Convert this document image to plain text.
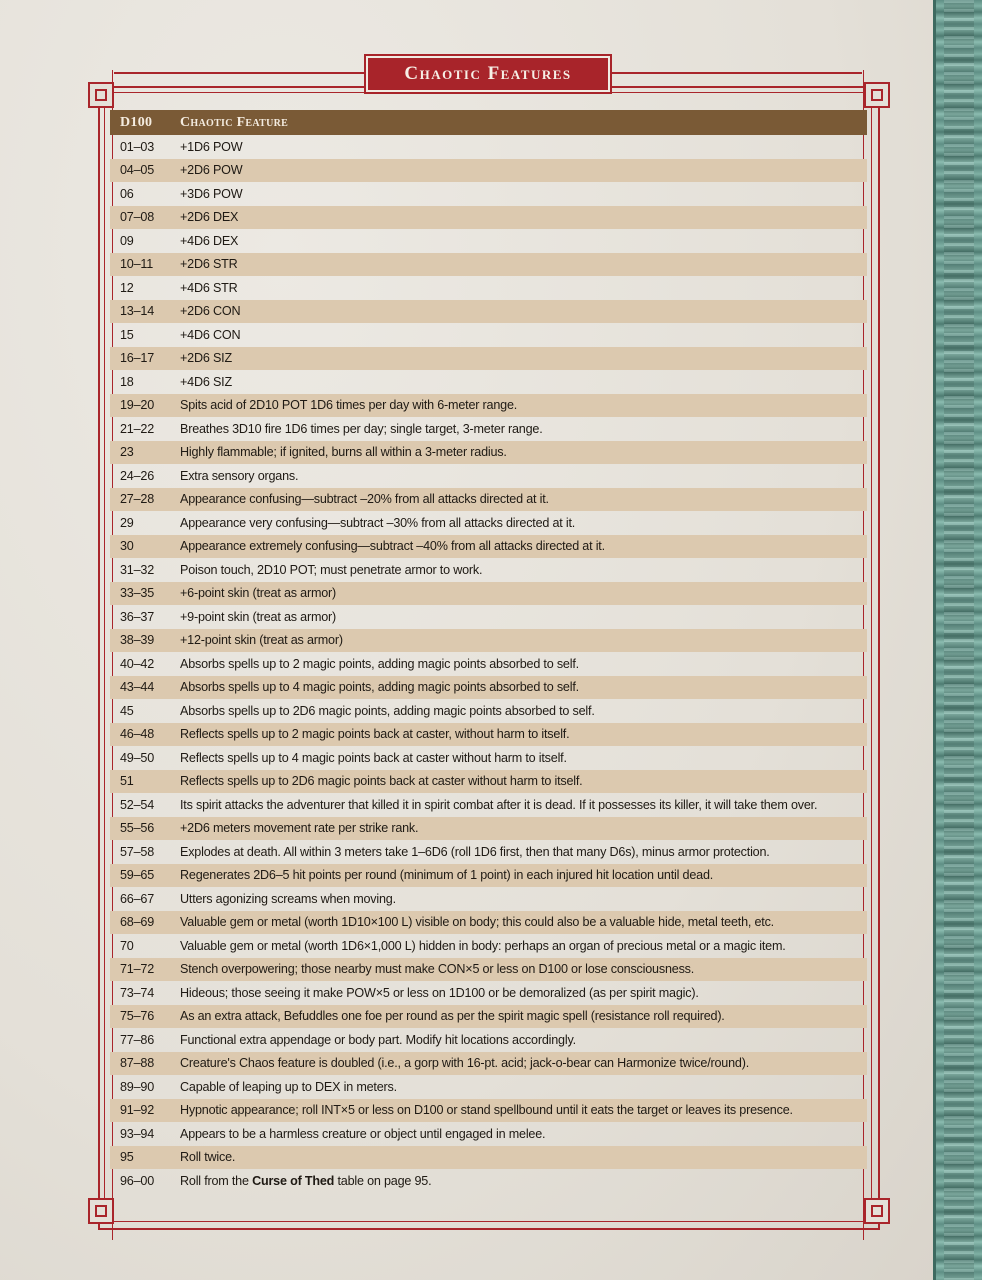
Chaotic Features
D100	Chaotic Feature
01–03	+1D6 POW
04–05	+2D6 POW
06	+3D6 POW
07–08	+2D6 DEX
09	+4D6 DEX
10–11	+2D6 STR
12	+4D6 STR
13–14	+2D6 CON
15	+4D6 CON
16–17	+2D6 SIZ
18	+4D6 SIZ
19–20	Spits acid of 2D10 POT 1D6 times per day with 6-meter range.
21–22	Breathes 3D10 fire 1D6 times per day; single target, 3-meter range.
23	Highly flammable; if ignited, burns all within a 3-meter radius.
24–26	Extra sensory organs.
27–28	Appearance confusing—subtract –20% from all attacks directed at it.
29	Appearance very confusing—subtract –30% from all attacks directed at it.
30	Appearance extremely confusing—subtract –40% from all attacks directed at it.
31–32	Poison touch, 2D10 POT; must penetrate armor to work.
33–35	+6-point skin (treat as armor)
36–37	+9-point skin (treat as armor)
38–39	+12-point skin (treat as armor)
40–42	Absorbs spells up to 2 magic points, adding magic points absorbed to self.
43–44	Absorbs spells up to 4 magic points, adding magic points absorbed to self.
45	Absorbs spells up to 2D6 magic points, adding magic points absorbed to self.
46–48	Reflects spells up to 2 magic points back at caster, without harm to itself.
49–50	Reflects spells up to 4 magic points back at caster without harm to itself.
51	Reflects spells up to 2D6 magic points back at caster without harm to itself.
52–54	Its spirit attacks the adventurer that killed it in spirit combat after it is dead. If it possesses its killer, it will take them over.
55–56	+2D6 meters movement rate per strike rank.
57–58	Explodes at death. All within 3 meters take 1–6D6 (roll 1D6 first, then that many D6s), minus armor protection.
59–65	Regenerates 2D6–5 hit points per round (minimum of 1 point) in each injured hit location until dead.
66–67	Utters agonizing screams when moving.
68–69	Valuable gem or metal (worth 1D10×100 L) visible on body; this could also be a valuable hide, metal teeth, etc.
70	Valuable gem or metal (worth 1D6×1,000 L) hidden in body: perhaps an organ of precious metal or a magic item.
71–72	Stench overpowering; those nearby must make CON×5 or less on D100 or lose consciousness.
73–74	Hideous; those seeing it make POW×5 or less on 1D100 or be demoralized (as per spirit magic).
75–76	As an extra attack, Befuddles one foe per round as per the spirit magic spell (resistance roll required).
77–86	Functional extra appendage or body part. Modify hit locations accordingly.
87–88	Creature's Chaos feature is doubled (i.e., a gorp with 16-pt. acid; jack-o-bear can Harmonize twice/round).
89–90	Capable of leaping up to DEX in meters.
91–92	Hypnotic appearance; roll INT×5 or less on D100 or stand spellbound until it eats the target or leaves its presence.
93–94	Appears to be a harmless creature or object until engaged in melee.
95	Roll twice.
96–00	Roll from the Curse of Thed table on page 95.
